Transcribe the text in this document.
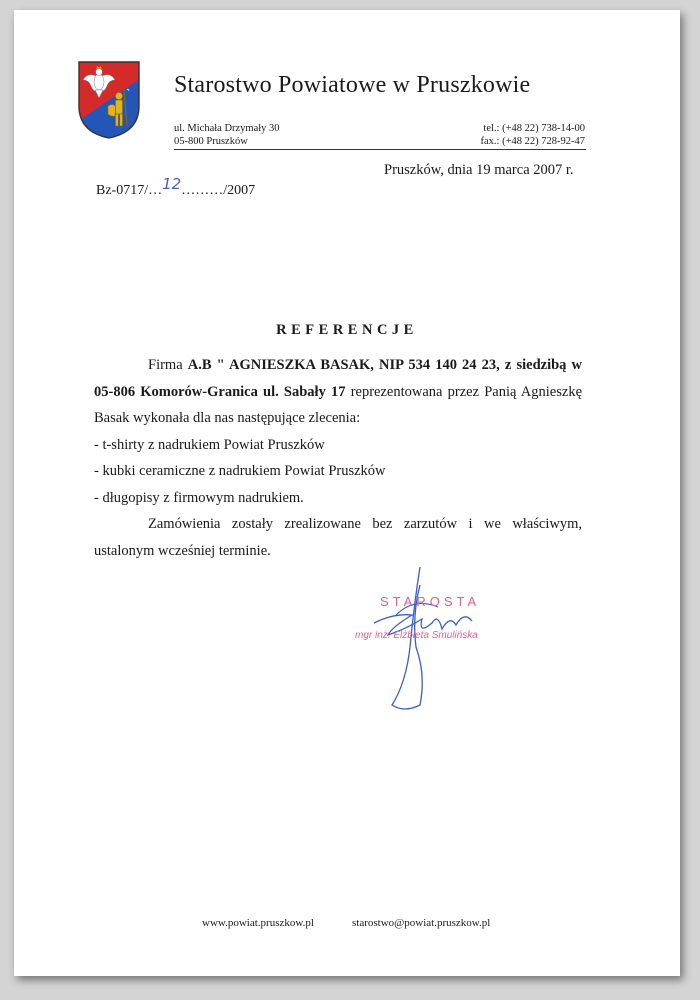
Starostwo Powiatowe w Pruszkowie
ul. Michała Drzymały 30
05-800 Pruszków
tel.: (+48 22) 738-14-00
fax.: (+48 22) 728-92-47
Pruszków, dnia 19 marca 2007 r.
Bz-0717/…12………/2007
REFERENCJE

Firma A.B " AGNIESZKA BASAK, NIP 534 140 24 23, z siedzibą w 05-806 Komorów-Granica ul. Sabały 17 reprezentowana przez Panią Agnieszkę Basak wykonała dla nas następujące zlecenia:

- t-shirty z nadrukiem Powiat Pruszków

- kubki ceramiczne z nadrukiem Powiat Pruszków

- długopisy z firmowym nadrukiem.

Zamówienia zostały zrealizowane bez zarzutów i we właściwym, ustalonym wcześniej terminie.

STAROSTA
mgr inż. Elżbieta Smulińska
www.powiat.pruszkow.pl	starostwo@powiat.pruszkow.pl
